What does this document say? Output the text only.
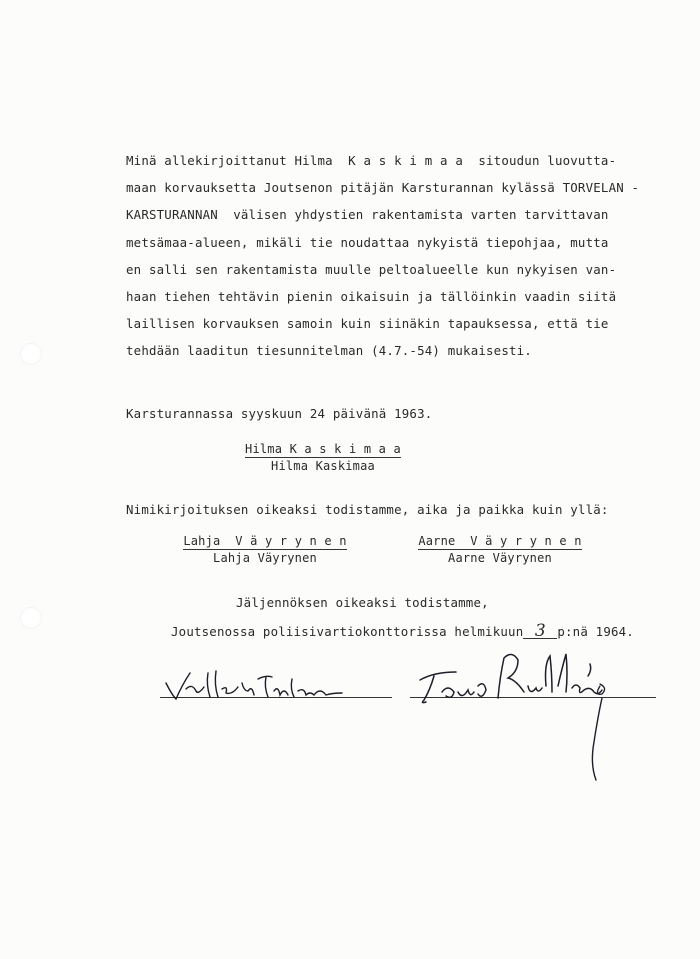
Minä allekirjoittanut Hilma  K a s k i m a a  sitoudun luovutta-
maan korvauksetta Joutsenon pitäjän Karsturannan kylässä TORVELAN -
KARSTURANNAN  välisen yhdystien rakentamista varten tarvittavan
metsämaa-alueen, mikäli tie noudattaa nykyistä tiepohjaa, mutta
en salli sen rakentamista muulle peltoalueelle kun nykyisen van-
haan tiehen tehtävin pienin oikaisuin ja tällöinkin vaadin siitä
laillisen korvauksen samoin kuin siinäkin tapauksessa, että tie
tehdään laaditun tiesunnitelman (4.7.-54) mukaisesti.
Karsturannassa syyskuun 24 päivänä 1963.
Hilma K a s k i m a a
Hilma Kaskimaa
Nimikirjoituksen oikeaksi todistamme, aika ja paikka kuin yllä:
Lahja  V ä y r y n e n
Lahja Väyrynen
Aarne  V ä y r y n e n
Aarne Väyrynen
Jäljennöksen oikeaksi todistamme,
Joutsenossa poliisivartiokonttorissa helmikuun 3 p:nä 1964.
